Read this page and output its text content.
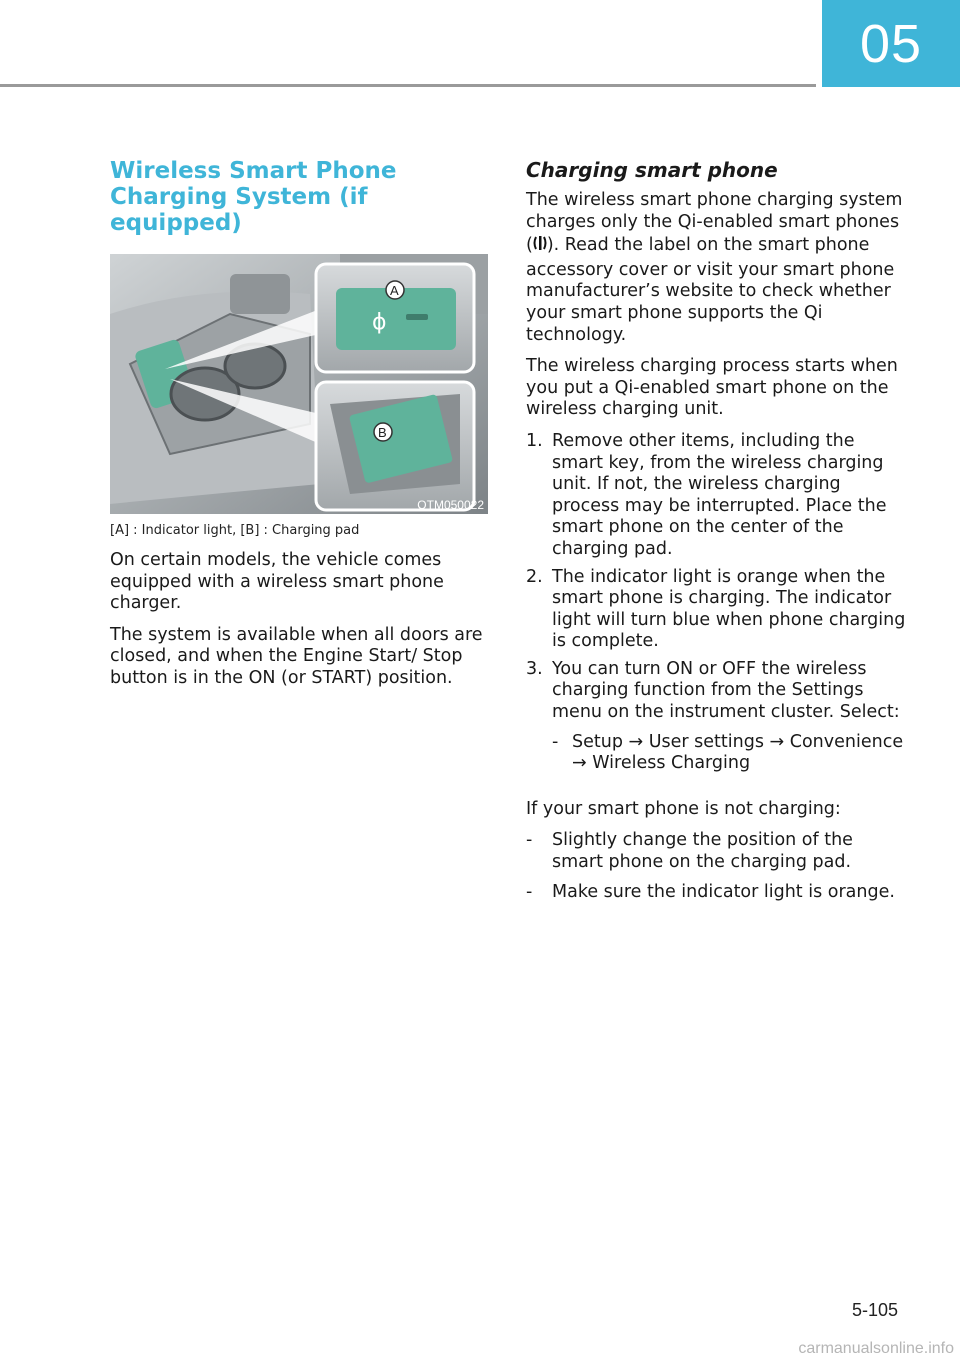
05
Wireless Smart Phone Charging System (if equipped)
ϕ
A
B
OTM050022
[A] : Indicator light, [B] : Charging pad

On certain models, the vehicle comes equipped with a wireless smart phone charger.

The system is available when all doors are closed, and when the Engine Start/ Stop button is in the ON (or START) position.

Charging smart phone

The wireless smart phone charging system charges only the Qi-enabled smart phones ( ). Read the label on the smart phone accessory cover or visit your smart phone manufacturer’s website to check whether your smart phone supports the Qi technology.

The wireless charging process starts when you put a Qi-enabled smart phone on the wireless charging unit.

1. Remove other items, including the smart key, from the wireless charging unit. If not, the wireless charging process may be interrupted. Place the smart phone on the center of the charging pad.
2. The indicator light is orange when the smart phone is charging. The indicator light will turn blue when phone charging is complete.
3. You can turn ON or OFF the wireless charging function from the Settings menu on the instrument cluster. Select:
- Setup → User settings → Convenience → Wireless Charging

If your smart phone is not charging:

- Slightly change the position of the smart phone on the charging pad.
- Make sure the indicator light is orange.
5-105
carmanualsonline.info
